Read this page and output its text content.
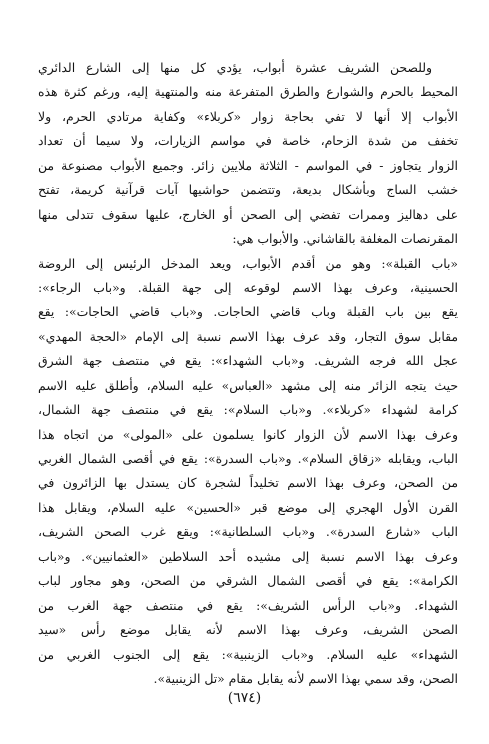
وللصحن الشريف عشرة أبواب، يؤدي كل منها إلى الشارع الدائري
المحيط بالحرم والشوارع والطرق المتفرعة منه والمنتهية إليه، ورغم كثرة هذه
الأبواب إلا أنها لا تفي بحاجة زوار «كربلاء» وكفاية مرتادي الحرم، ولا
تخفف من شدة الزحام، خاصة في مواسم الزيارات، ولا سيما أن تعداد
الزوار يتجاوز - في المواسم - الثلاثة ملايين زائر. وجميع الأبواب مصنوعة من
خشب الساج وبأشكال بديعة، وتتضمن حواشيها آيات قرآنية كريمة، تفتح
على دهاليز وممرات تفضي إلى الصحن أو الخارج، عليها سقوف تتدلى منها
المقرنصات المغلفة بالقاشاني. والأبواب هي:
«باب القبلة»: وهو من أقدم الأبواب، ويعد المدخل الرئيس إلى الروضة
الحسينية، وعرف بهذا الاسم لوقوعه إلى جهة القبلة. و«باب الرجاء»:
يقع بين باب القبلة وباب قاضي الحاجات. و«باب قاضي الحاجات»: يقع
مقابل سوق التجار، وقد عرف بهذا الاسم نسبة إلى الإمام «الحجة المهدي»
عجل الله فرجه الشريف. و«باب الشهداء»: يقع في منتصف جهة الشرق
حيث يتجه الزائر منه إلى مشهد «العباس» عليه السلام، وأطلق عليه الاسم
كرامة لشهداء «كربلاء». و«باب السلام»: يقع في منتصف جهة الشمال،
وعرف بهذا الاسم لأن الزوار كانوا يسلمون على «المولى» من اتجاه هذا
الباب، ويقابله «زقاق السلام». و«باب السدرة»: يقع في أقصى الشمال الغربي
من الصحن، وعرف بهذا الاسم تخليداً لشجرة كان يستدل بها الزائرون في
القرن الأول الهجري إلى موضع قبر «الحسين» عليه السلام، ويقابل هذا
الباب «شارع السدرة». و«باب السلطانية»: ويقع غرب الصحن الشريف،
وعرف بهذا الاسم نسبة إلى مشيده أحد السلاطين «العثمانيين». و«باب
الكرامة»: يقع في أقصى الشمال الشرقي من الصحن، وهو مجاور لباب
الشهداء. و«باب الرأس الشريف»: يقع في منتصف جهة الغرب من
الصحن الشريف، وعرف بهذا الاسم لأنه يقابل موضع رأس «سيد
الشهداء» عليه السلام. و«باب الزينبية»: يقع إلى الجنوب الغربي من
الصحن، وقد سمي بهذا الاسم لأنه يقابل مقام «تل الزينبية».
(٦٧٤)
